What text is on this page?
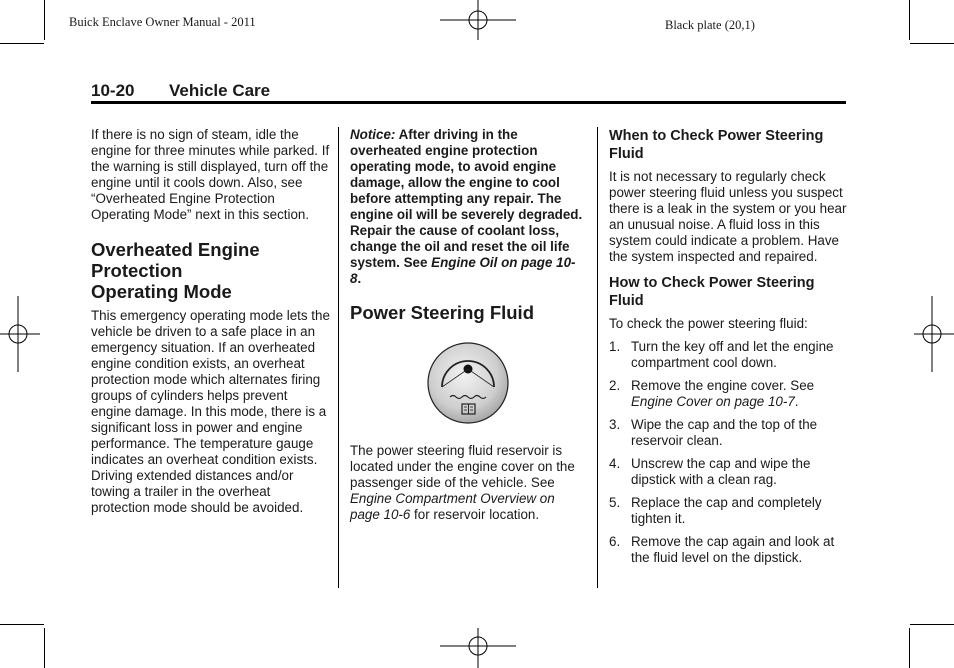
Buick Enclave Owner Manual - 2011	Black plate (20,1)
10-20 Vehicle Care

If there is no sign of steam, idle the engine for three minutes while parked. If the warning is still displayed, turn off the engine until it cools down. Also, see “Overheated Engine Protection Operating Mode” next in this section.

Overheated Engine
Protection
Operating Mode

This emergency operating mode lets the vehicle be driven to a safe place in an emergency situation. If an overheated engine condition exists, an overheat protection mode which alternates firing groups of cylinders helps prevent engine damage. In this mode, there is a significant loss in power and engine performance. The temperature gauge indicates an overheat condition exists. Driving extended distances and/or towing a trailer in the overheat protection mode should be avoided.

Notice: After driving in the overheated engine protection operating mode, to avoid engine damage, allow the engine to cool before attempting any repair. The engine oil will be severely degraded. Repair the cause of coolant loss, change the oil and reset the oil life system. See Engine Oil on page 10-8.

Power Steering Fluid

The power steering fluid reservoir is located under the engine cover on the passenger side of the vehicle. See Engine Compartment Overview on page 10-6 for reservoir location.

When to Check Power Steering Fluid

It is not necessary to regularly check power steering fluid unless you suspect there is a leak in the system or you hear an unusual noise. A fluid loss in this system could indicate a problem. Have the system inspected and repaired.

How to Check Power Steering Fluid

To check the power steering fluid:

1. Turn the key off and let the engine compartment cool down.
2. Remove the engine cover. See Engine Cover on page 10-7.
3. Wipe the cap and the top of the reservoir clean.
4. Unscrew the cap and wipe the dipstick with a clean rag.
5. Replace the cap and completely tighten it.
6. Remove the cap again and look at the fluid level on the dipstick.
